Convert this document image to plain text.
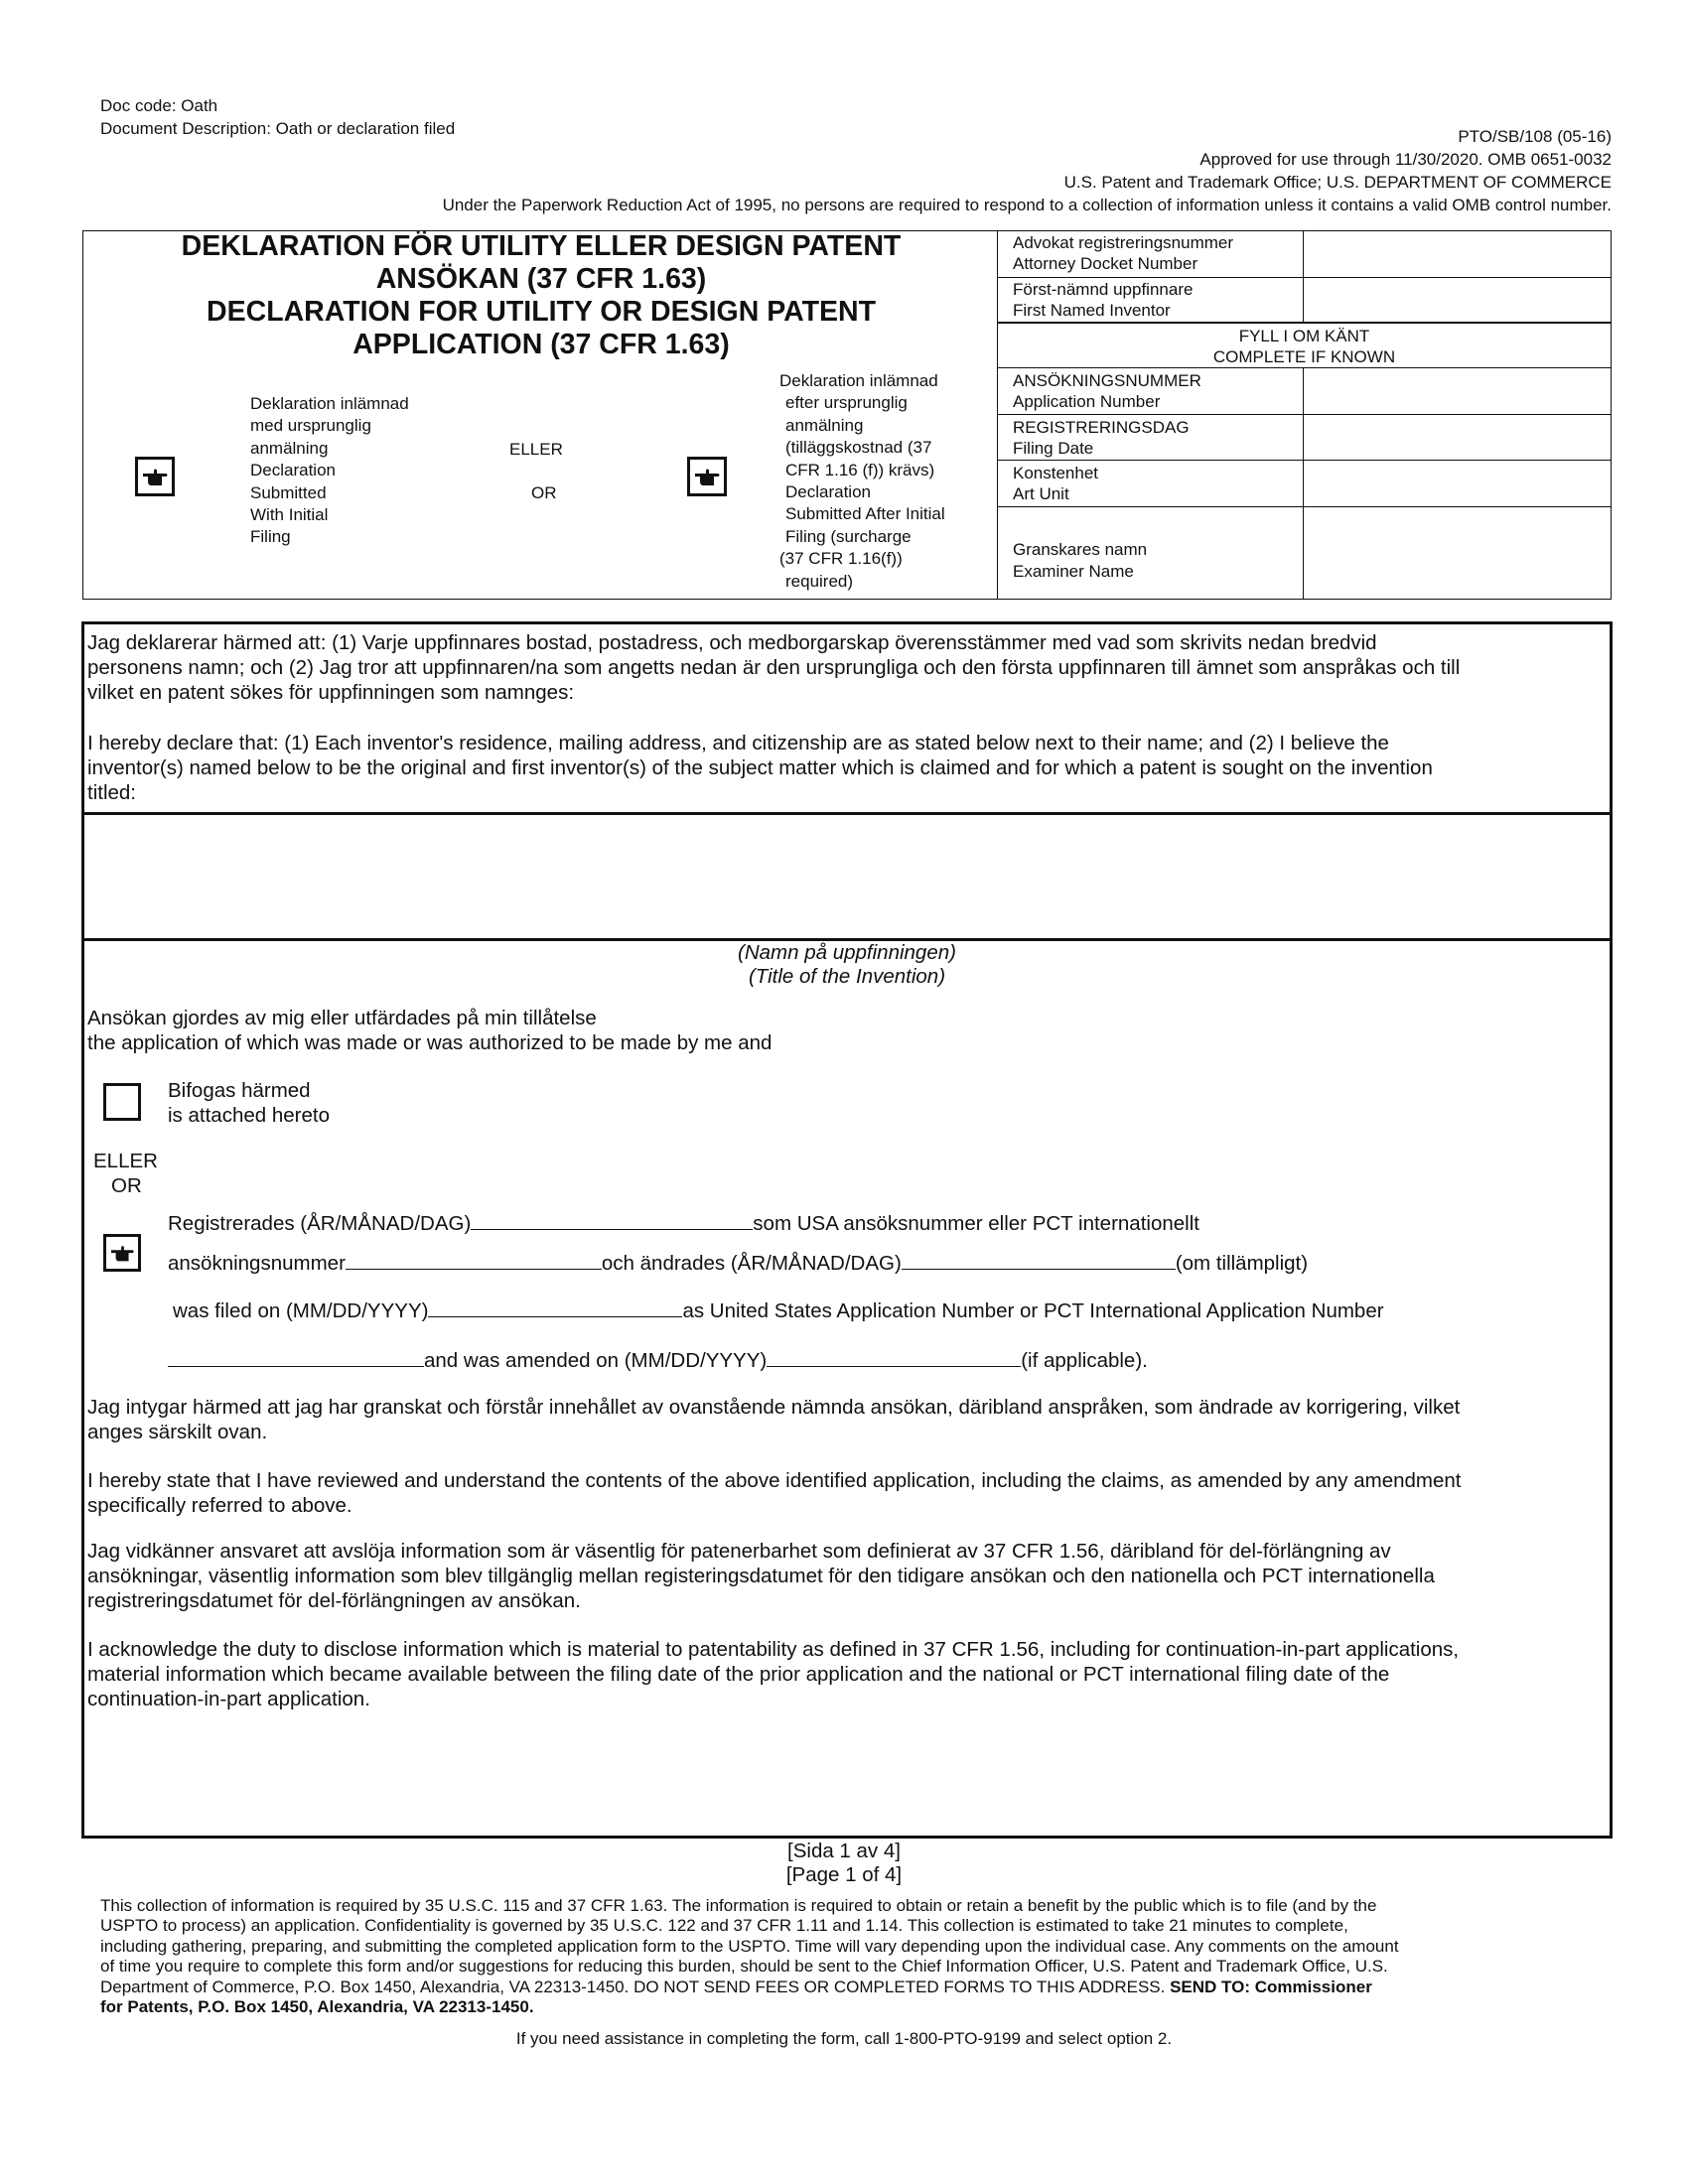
Doc code: Oath
Document Description: Oath or declaration filed	PTO/SB/108 (05-16)
Approved for use through 11/30/2020. OMB 0651-0032
U.S. Patent and Trademark Office; U.S. DEPARTMENT OF COMMERCE
Under the Paperwork Reduction Act of 1995, no persons are required to respond to a collection of information unless it contains a valid OMB control number.
DEKLARATION FÖR UTILITY ELLER DESIGN PATENT
ANSÖKAN (37 CFR 1.63)
DECLARATION FOR UTILITY OR DESIGN PATENT
APPLICATION (37 CFR 1.63)
Deklaration inlämnad
med ursprunglig
anmälning
Declaration
Submitted
With Initial
Filing
ELLER
OR
Deklaration inlämnad
efter ursprunglig
anmälning
(tilläggskostnad (37
CFR 1.16 (f)) krävs)
Declaration
Submitted After Initial
Filing (surcharge
(37 CFR 1.16(f))
required)
Advokat registreringsnummer
Attorney Docket Number
Först-nämnd uppfinnare
First Named Inventor
FYLL I OM KÄNT
COMPLETE IF KNOWN
ANSÖKNINGSNUMMER
Application Number
REGISTRERINGSDAG
Filing Date
Konstenhet
Art Unit
Granskares namn
Examiner Name
Jag deklarerar härmed att: (1) Varje uppfinnares bostad, postadress, och medborgarskap överensstämmer med vad som skrivits nedan bredvid
personens namn; och (2) Jag tror att uppfinnaren/na som angetts nedan är den ursprungliga och den första uppfinnaren till ämnet som anspråkas och till
vilket en patent sökes för uppfinningen som namnges:
I hereby declare that: (1) Each inventor's residence, mailing address, and citizenship are as stated below next to their name; and (2) I believe the
inventor(s) named below to be the original and first inventor(s) of the subject matter which is claimed and for which a patent is sought on the invention
titled:
(Namn på uppfinningen)
(Title of the Invention)
Ansökan gjordes av mig eller utfärdades på min tillåtelse
the application of which was made or was authorized to be made by me and
Bifogas härmed
is attached hereto
ELLER
OR
Registrerades (ÅR/MÅNAD/DAG)	som USA ansöksnummer eller PCT internationellt
ansökningsnummer	och ändrades (ÅR/MÅNAD/DAG)	(om tillämpligt)
was filed on (MM/DD/YYYY)	as United States Application Number or PCT International Application Number
and was amended on (MM/DD/YYYY)	(if applicable).
Jag intygar härmed att jag har granskat och förstår innehållet av ovanstående nämnda ansökan, däribland anspråken, som ändrade av korrigering, vilket
anges särskilt ovan.
I hereby state that I have reviewed and understand the contents of the above identified application, including the claims, as amended by any amendment
specifically referred to above.
Jag vidkänner ansvaret att avslöja information som är väsentlig för patenerbarhet som definierat av 37 CFR 1.56, däribland för del-förlängning av
ansökningar, väsentlig information som blev tillgänglig mellan registeringsdatumet för den tidigare ansökan och den nationella och PCT internationella
registreringsdatumet för del-förlängningen av ansökan.
I acknowledge the duty to disclose information which is material to patentability as defined in 37 CFR 1.56, including for continuation-in-part applications,
material information which became available between the filing date of the prior application and the national or PCT international filing date of the
continuation-in-part application.
[Sida 1 av 4]
[Page 1 of 4]
This collection of information is required by 35 U.S.C. 115 and 37 CFR 1.63. The information is required to obtain or retain a benefit by the public which is to file (and by the
USPTO to process) an application. Confidentiality is governed by 35 U.S.C. 122 and 37 CFR 1.11 and 1.14. This collection is estimated to take 21 minutes to complete,
including gathering, preparing, and submitting the completed application form to the USPTO. Time will vary depending upon the individual case. Any comments on the amount
of time you require to complete this form and/or suggestions for reducing this burden, should be sent to the Chief Information Officer, U.S. Patent and Trademark Office, U.S.
Department of Commerce, P.O. Box 1450, Alexandria, VA 22313-1450. DO NOT SEND FEES OR COMPLETED FORMS TO THIS ADDRESS. SEND TO: Commissioner
for Patents, P.O. Box 1450, Alexandria, VA 22313-1450.
If you need assistance in completing the form, call 1-800-PTO-9199 and select option 2.
